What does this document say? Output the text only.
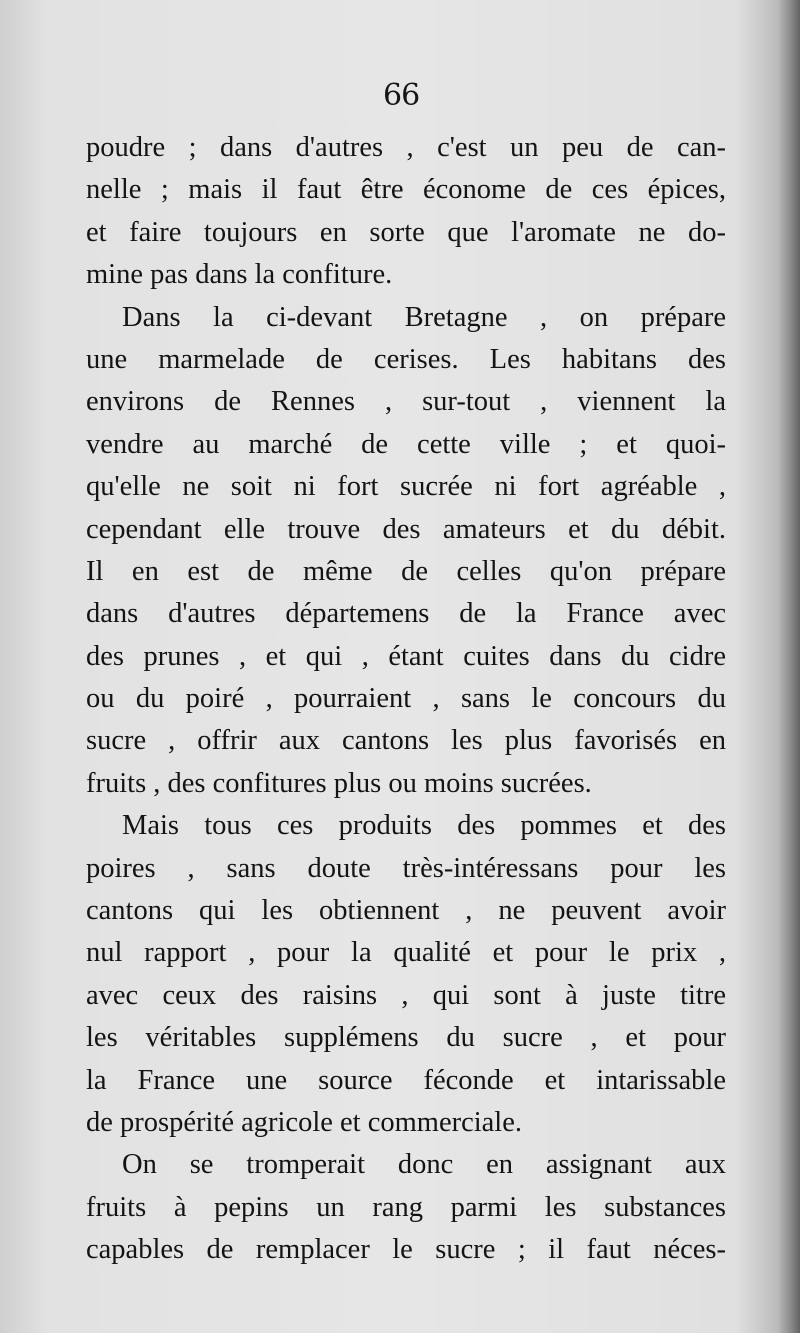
66
poudre ; dans d'autres , c'est un peu de can-
nelle ; mais il faut être économe de ces épices,
et faire toujours en sorte que l'aromate ne do-
mine pas dans la confiture.
Dans la ci-devant Bretagne , on prépare
une marmelade de cerises. Les habitans des
environs de Rennes , sur-tout , viennent la
vendre au marché de cette ville ; et quoi-
qu'elle ne soit ni fort sucrée ni fort agréable ,
cependant elle trouve des amateurs et du débit.
Il en est de même de celles qu'on prépare
dans d'autres départemens de la France avec
des prunes , et qui , étant cuites dans du cidre
ou du poiré , pourraient , sans le concours du
sucre , offrir aux cantons les plus favorisés en
fruits , des confitures plus ou moins sucrées.
Mais tous ces produits des pommes et des
poires , sans doute très-intéressans pour les
cantons qui les obtiennent , ne peuvent avoir
nul rapport , pour la qualité et pour le prix ,
avec ceux des raisins , qui sont à juste titre
les véritables supplémens du sucre , et pour
la France une source féconde et intarissable
de prospérité agricole et commerciale.
On se tromperait donc en assignant aux
fruits à pepins un rang parmi les substances
capables de remplacer le sucre ; il faut néces-
